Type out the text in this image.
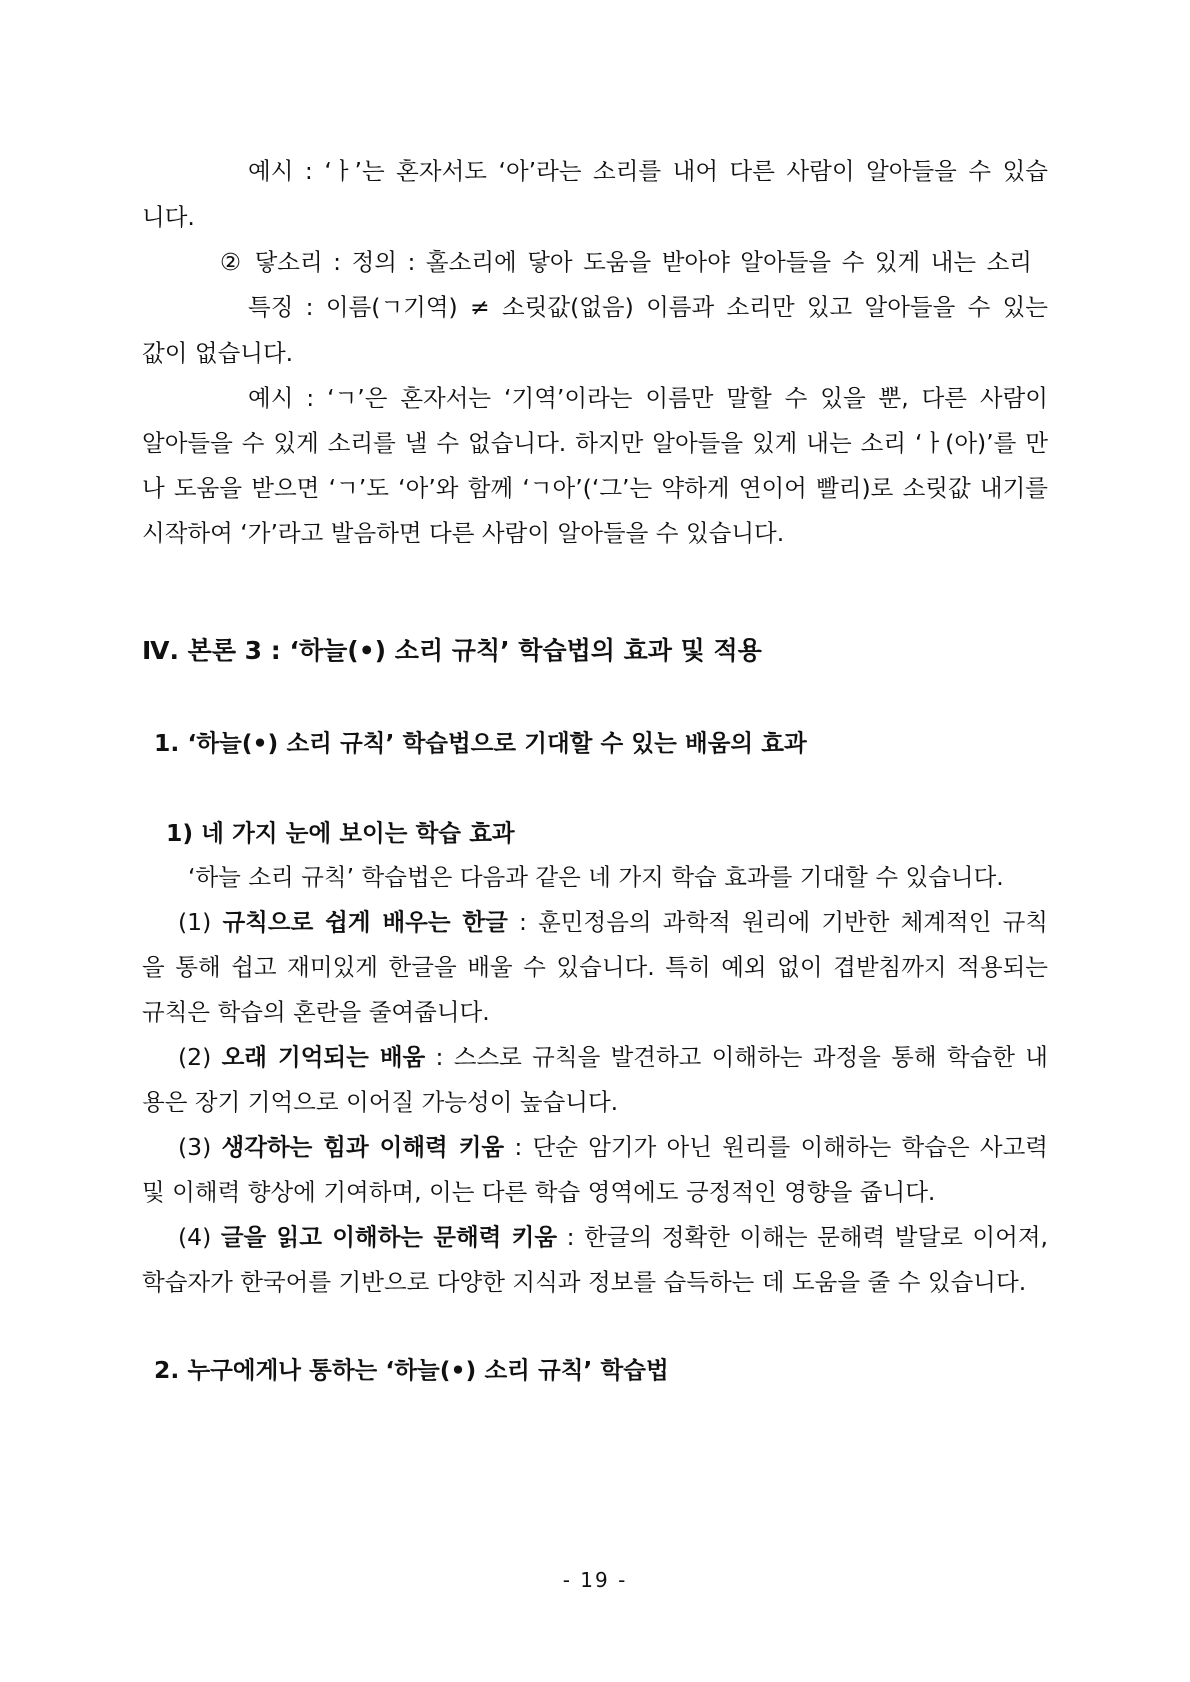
예시 : ‘ㅏ’는 혼자서도 ‘아’라는 소리를 내어 다른 사람이 알아들을 수 있습
니다.
② 닿소리 : 정의 : 홀소리에 닿아 도움을 받아야 알아들을 수 있게 내는 소리
특징 : 이름(ㄱ기역) ≠ 소릿값(없음) 이름과 소리만 있고 알아들을 수 있는
값이 없습니다.
예시 : ‘ㄱ’은 혼자서는 ‘기역’이라는 이름만 말할 수 있을 뿐, 다른 사람이
알아들을 수 있게 소리를 낼 수 없습니다. 하지만 알아들을 있게 내는 소리 ‘ㅏ(아)’를 만
나 도움을 받으면 ‘ㄱ’도 ‘아’와 함께 ‘ㄱ아’(‘그’는 약하게 연이어 빨리)로 소릿값 내기를
시작하여 ‘가’라고 발음하면 다른 사람이 알아들을 수 있습니다.
Ⅳ. 본론 3 : ‘하늘(•) 소리 규칙’ 학습법의 효과 및 적용
1. ‘하늘(•) 소리 규칙’ 학습법으로 기대할 수 있는 배움의 효과
1) 네 가지 눈에 보이는 학습 효과
‘하늘 소리 규칙’ 학습법은 다음과 같은 네 가지 학습 효과를 기대할 수 있습니다.
(1) 규칙으로 쉽게 배우는 한글 : 훈민정음의 과학적 원리에 기반한 체계적인 규칙
을 통해 쉽고 재미있게 한글을 배울 수 있습니다. 특히 예외 없이 겹받침까지 적용되는
규칙은 학습의 혼란을 줄여줍니다.
(2) 오래 기억되는 배움 : 스스로 규칙을 발견하고 이해하는 과정을 통해 학습한 내
용은 장기 기억으로 이어질 가능성이 높습니다.
(3) 생각하는 힘과 이해력 키움 : 단순 암기가 아닌 원리를 이해하는 학습은 사고력
및 이해력 향상에 기여하며, 이는 다른 학습 영역에도 긍정적인 영향을 줍니다.
(4) 글을 읽고 이해하는 문해력 키움 : 한글의 정확한 이해는 문해력 발달로 이어져,
학습자가 한국어를 기반으로 다양한 지식과 정보를 습득하는 데 도움을 줄 수 있습니다.
2. 누구에게나 통하는 ‘하늘(•) 소리 규칙’ 학습법
- 19 -
